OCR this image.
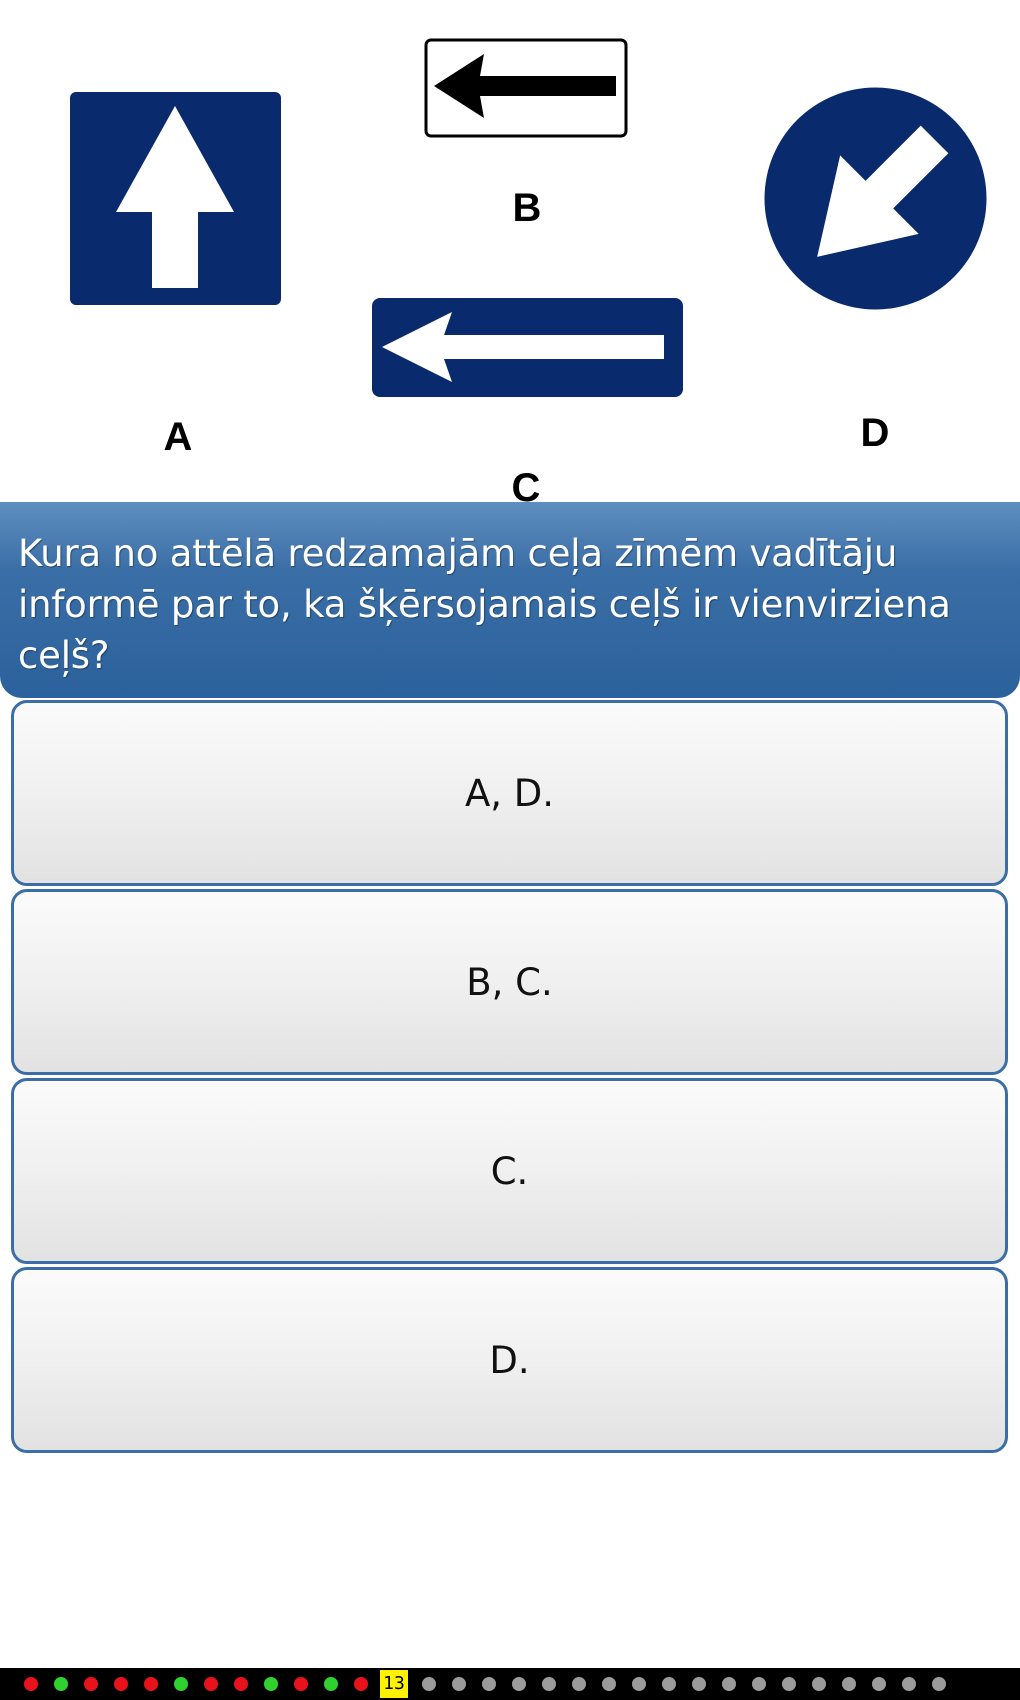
A
B
C
D

Kura no attēlā redzamajām ceļa zīmēm vadītāju informē par to, ka šķērsojamais ceļš ir vienvirziena ceļš?

A, D.
B, C.
C.
D.
13
